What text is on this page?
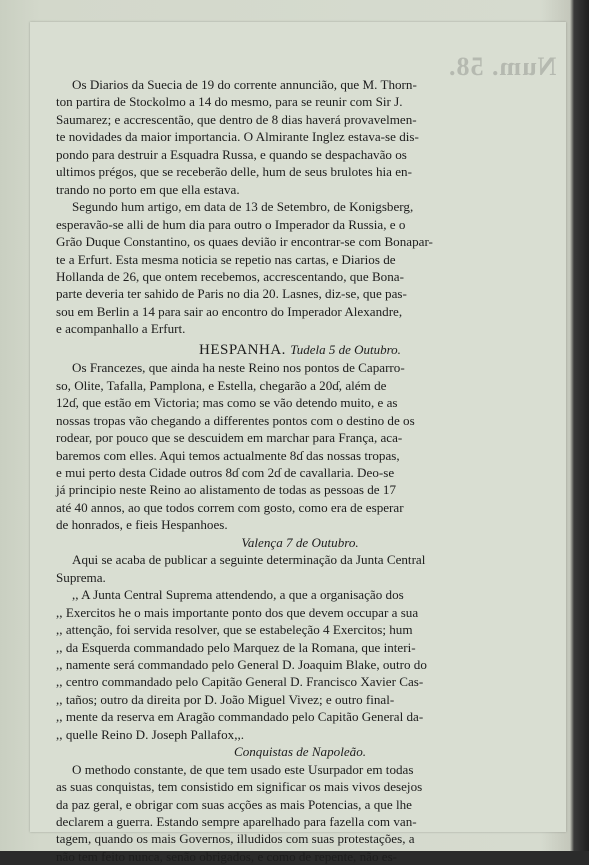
Num. 58.
Os Diarios da Suecia de 19 do corrente annuncião, que M. Thorn-
ton partira de Stockolmo a 14 do mesmo, para se reunir com Sir J.
Saumarez; e accrescentão, que dentro de 8 dias haverá provavelmen-
te novidades da maior importancia. O Almirante Inglez estava-se dis-
pondo para destruir a Esquadra Russa, e quando se despachavão os
ultimos prégos, que se receberão delle, hum de seus brulotes hia en-
trando no porto em que ella estava.
Segundo hum artigo, em data de 13 de Setembro, de Konigsberg,
esperavão-se alli de hum dia para outro o Imperador da Russia, e o
Grão Duque Constantino, os quaes devião ir encontrar-se com Bonapar-
te a Erfurt. Esta mesma noticia se repetio nas cartas, e Diarios de
Hollanda de 26, que ontem recebemos, accrescentando, que Bona-
parte deveria ter sahido de Paris no dia 20. Lasnes, diz-se, que pas-
sou em Berlin a 14 para sair ao encontro do Imperador Alexandre,
e acompanhallo a Erfurt.
HESPANHA. Tudela 5 de Outubro.
Os Francezes, que ainda ha neste Reino nos pontos de Caparro-
so, Olite, Tafalla, Pamplona, e Estella, chegarão a 20ɗ, além de
12ɗ, que estão em Victoria; mas como se vão detendo muito, e as
nossas tropas vão chegando a differentes pontos com o destino de os
rodear, por pouco que se descuidem em marchar para França, aca-
baremos com elles. Aqui temos actualmente 8ɗ das nossas tropas,
e mui perto desta Cidade outros 8ɗ com 2ɗ de cavallaria. Deo-se
já principio neste Reino ao alistamento de todas as pessoas de 17
até 40 annos, ao que todos correm com gosto, como era de esperar
de honrados, e fieis Hespanhoes.
Valença 7 de Outubro.
Aqui se acaba de publicar a seguinte determinação da Junta Central
Suprema.
,, A Junta Central Suprema attendendo, a que a organisação dos
,, Exercitos he o mais importante ponto dos que devem occupar a sua
,, attenção, foi servida resolver, que se estabeleção 4 Exercitos; hum
,, da Esquerda commandado pelo Marquez de la Romana, que interi-
,, namente será commandado pelo General D. Joaquim Blake, outro do
,, centro commandado pelo Capitão General D. Francisco Xavier Cas-
,, taños; outro da direita por D. João Miguel Vivez; e outro final-
,, mente da reserva em Aragão commandado pelo Capitão General da-
,, quelle Reino D. Joseph Pallafox,,.
Conquistas de Napoleão.
O methodo constante, de que tem usado este Usurpador em todas
as suas conquistas, tem consistido em significar os mais vivos desejos
da paz geral, e obrigar com suas acções as mais Potencias, a que lhe
declarem a guerra. Estando sempre aparelhado para fazella com van-
tagem, quando os mais Governos, illudidos com suas protestações, a
não tem feito nunca, senão obrigados, e como de repente, não es-
